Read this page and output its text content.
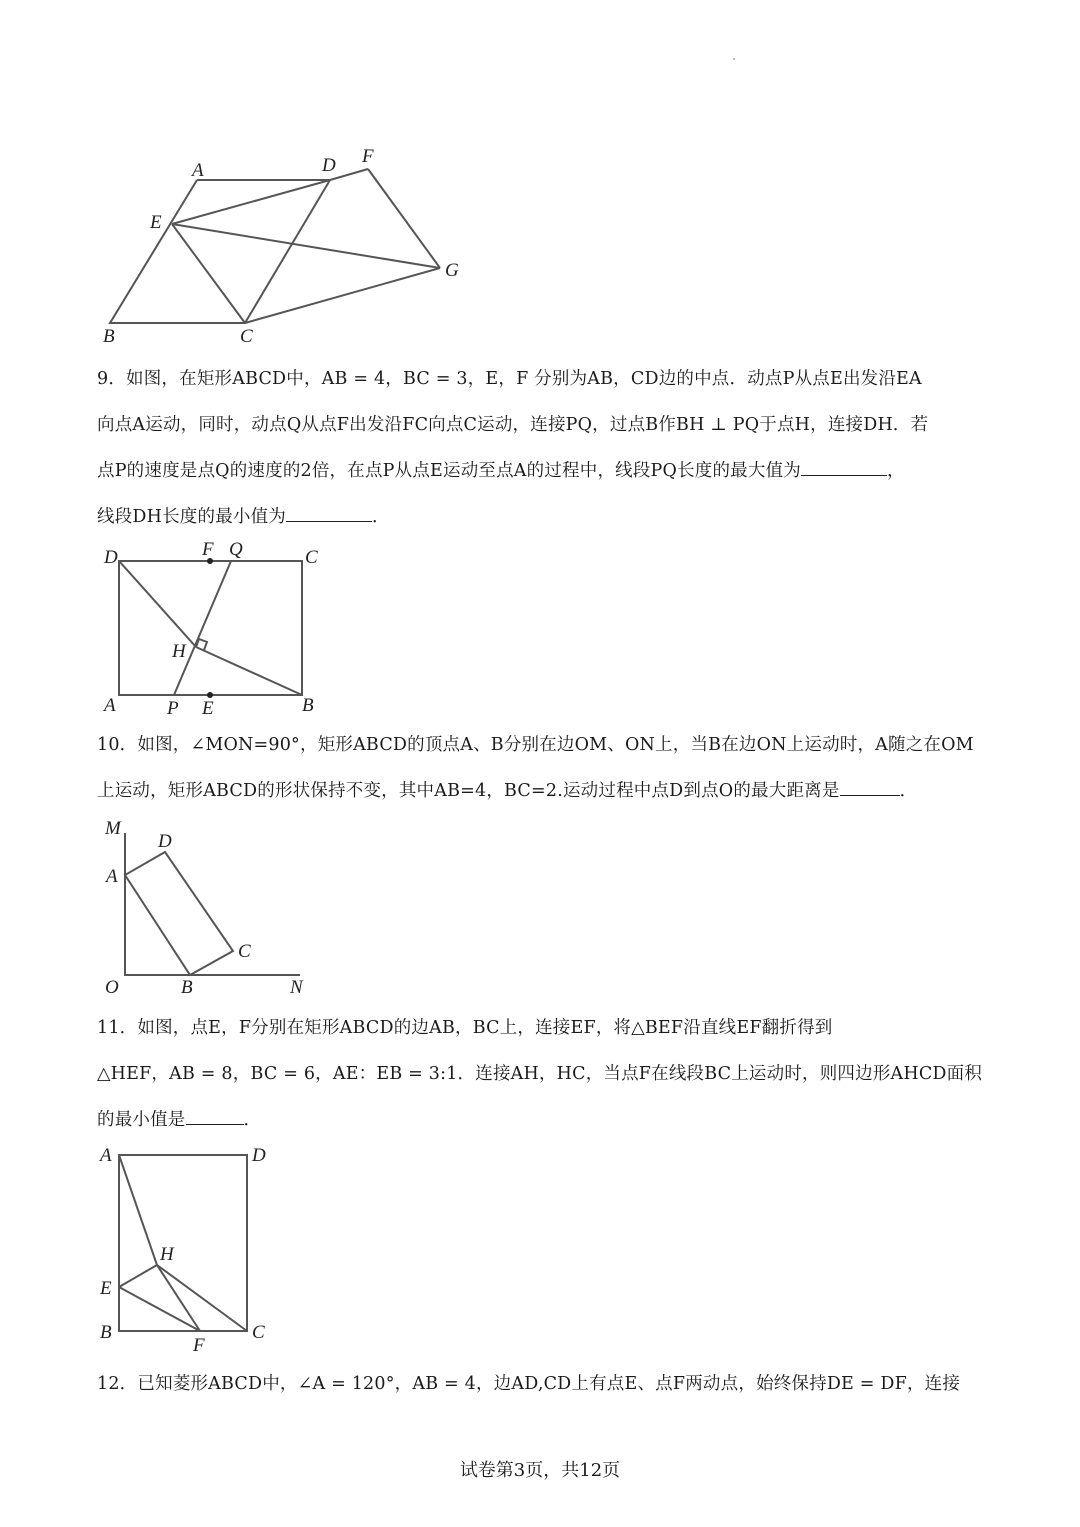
A	D F
E
G
B	C
9．如图，在矩形ABCD中，AB = 4，BC = 3，E，F 分别为AB，CD边的中点．动点P从点E出发沿EA
向点A运动，同时，动点Q从点F出发沿FC向点C运动，连接PQ，过点B作BH ⊥ PQ于点H，连接DH．若
点P的速度是点Q的速度的2倍，在点P从点E运动至点A的过程中，线段PQ长度的最大值为	，
线段DH长度的最小值为	．
D	F Q	C
H
A	P E	B
10．如图，∠MON=90°，矩形ABCD的顶点A、B分别在边OM、ON上，当B在边ON上运动时，A随之在OM
上运动，矩形ABCD的形状保持不变，其中AB=4，BC=2.运动过程中点D到点O的最大距离是	．
M
D
A
C
O	B	N
11．如图，点E，F分别在矩形ABCD的边AB，BC上，连接EF，将△BEF沿直线EF翻折得到
△HEF，AB = 8，BC = 6，AE：EB = 3:1．连接AH，HC，当点F在线段BC上运动时，则四边形AHCD面积
的最小值是	．
A	D
H
E
B
F
C
12．已知菱形ABCD中，∠A = 120°，AB = 4，边AD,CD上有点E、点F两动点，始终保持DE = DF，连接
试卷第3页，共12页
